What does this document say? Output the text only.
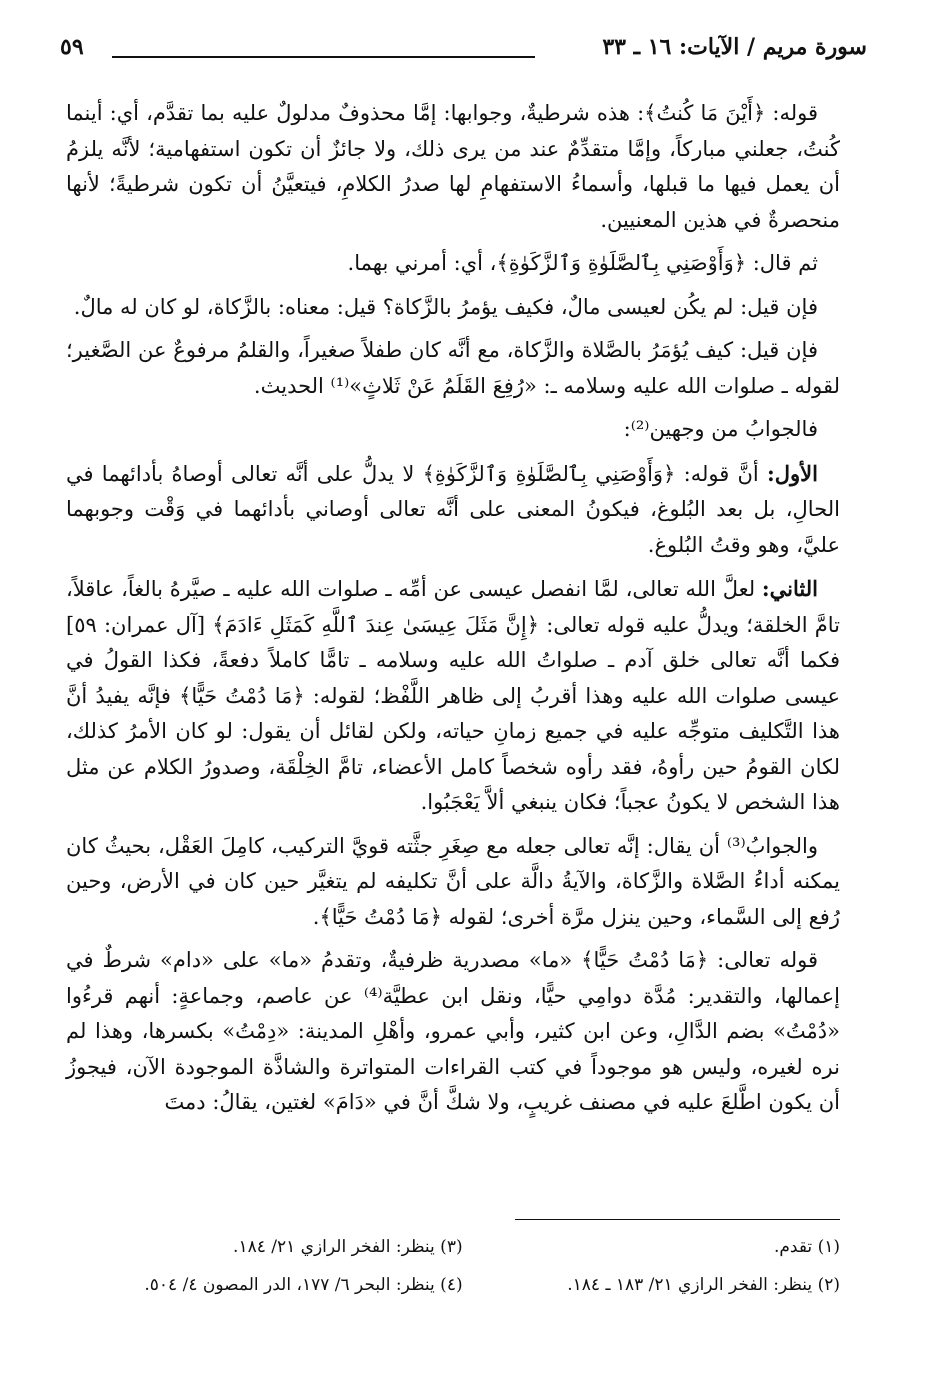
سورة مريم / الآيات: ١٦ ـ ٣٣
٥٩

قوله: ﴿أَيْنَ مَا كُنتُ﴾: هذه شرطيةٌ، وجوابها: إمَّا محذوفٌ مدلولٌ عليه بما تقدَّم، أي: أينما كُنتُ، جعلني مباركاً، وإمَّا متقدِّمٌ عند من يرى ذلك، ولا جائزٌ أن تكون استفهامية؛ لأنَّه يلزمُ أن يعمل فيها ما قبلها، وأسماءُ الاستفهامِ لها صدرُ الكلامِ، فيتعيَّنُ أن تكون شرطيةً؛ لأنها منحصرةٌ في هذين المعنيين.

ثم قال: ﴿وَأَوْصَنِي بِٱلصَّلَوٰةِ وَٱلزَّكَوٰةِ﴾، أي: أمرني بهما.

فإن قيل: لم يكُن لعيسى مالٌ، فكيف يؤمرُ بالزَّكاة؟ قيل: معناه: بالزَّكاة، لو كان له مالٌ.

فإن قيل: كيف يُؤمَرُ بالصَّلاة والزَّكاة، مع أنَّه كان طفلاً صغيراً، والقلمُ مرفوعٌ عن الصَّغير؛ لقوله ـ صلوات الله عليه وسلامه ـ: «رُفِعَ القَلَمُ عَنْ ثَلاثٍ»⁽¹⁾ الحديث.

فالجوابُ من وجهين⁽²⁾:

الأول: أنَّ قوله: ﴿وَأَوْصَنِي بِٱلصَّلَوٰةِ وَٱلزَّكَوٰةِ﴾ لا يدلُّ على أنَّه تعالى أوصاهُ بأدائهما في الحالِ، بل بعد البُلوغ، فيكونُ المعنى على أنَّه تعالى أوصاني بأدائهما في وَقْت وجوبهما عليَّ، وهو وقتُ البُلوغ.

الثاني: لعلَّ الله تعالى، لمَّا انفصل عيسى عن أمِّه ـ صلوات الله عليه ـ صيَّرهُ بالغاً، عاقلاً، تامَّ الخلقة؛ ويدلُّ عليه قوله تعالى: ﴿إِنَّ مَثَلَ عِيسَىٰ عِندَ ٱللَّهِ كَمَثَلِ ءَادَمَ﴾ [آل عمران: ٥٩] فكما أنَّه تعالى خلق آدم ـ صلواتُ الله عليه وسلامه ـ تامًّا كاملاً دفعةً، فكذا القولُ في عيسى صلوات الله عليه وهذا أقربُ إلى ظاهر اللَّفْظ؛ لقوله: ﴿مَا دُمْتُ حَيًّا﴾ فإنَّه يفيدُ أنَّ هذا التَّكليف متوجِّه عليه في جميع زمانِ حياته، ولكن لقائل أن يقول: لو كان الأمرُ كذلك، لكان القومُ حين رأوهُ، فقد رأوه شخصاً كامل الأعضاء، تامَّ الخِلْقَة، وصدورُ الكلام عن مثل هذا الشخص لا يكونُ عجباً؛ فكان ينبغي ألاَّ يَعْجَبُوا.

والجوابُ⁽³⁾ أن يقال: إنَّه تعالى جعله مع صِغَرِ جثَّته قويَّ التركيب، كامِلَ العَقْل، بحيثُ كان يمكنه أداءُ الصَّلاة والزَّكاة، والآيةُ دالَّة على أنَّ تكليفه لم يتغيَّر حين كان في الأرض، وحين رُفع إلى السَّماء، وحين ينزل مرَّة أخرى؛ لقوله ﴿مَا دُمْتُ حَيًّا﴾.

قوله تعالى: ﴿مَا دُمْتُ حَيًّا﴾ «ما» مصدرية ظرفيةٌ، وتقدمُ «ما» على «دام» شرطٌ في إعمالها، والتقدير: مُدَّة دوامِي حيًّا، ونقل ابن عطيَّة⁽⁴⁾ عن عاصم، وجماعةٍ: أنهم قرءُوا «دُمْتُ» بضم الدَّالِ، وعن ابن كثير، وأبي عمرو، وأهْلِ المدينة: «دِمْتُ» بكسرها، وهذا لم نره لغيره، وليس هو موجوداً في كتب القراءات المتواترة والشاذَّة الموجودة الآن، فيجوزُ أن يكون اطَّلعَ عليه في مصنف غريبٍ، ولا شكَّ أنَّ في «دَامَ» لغتين، يقالُ: دمتَ

(١) تقدم.
(٣) ينظر: الفخر الرازي ٢١/ ١٨٤.
(٢) ينظر: الفخر الرازي ٢١/ ١٨٣ ـ ١٨٤.
(٤) ينظر: البحر ٦/ ١٧٧، الدر المصون ٤/ ٥٠٤.
